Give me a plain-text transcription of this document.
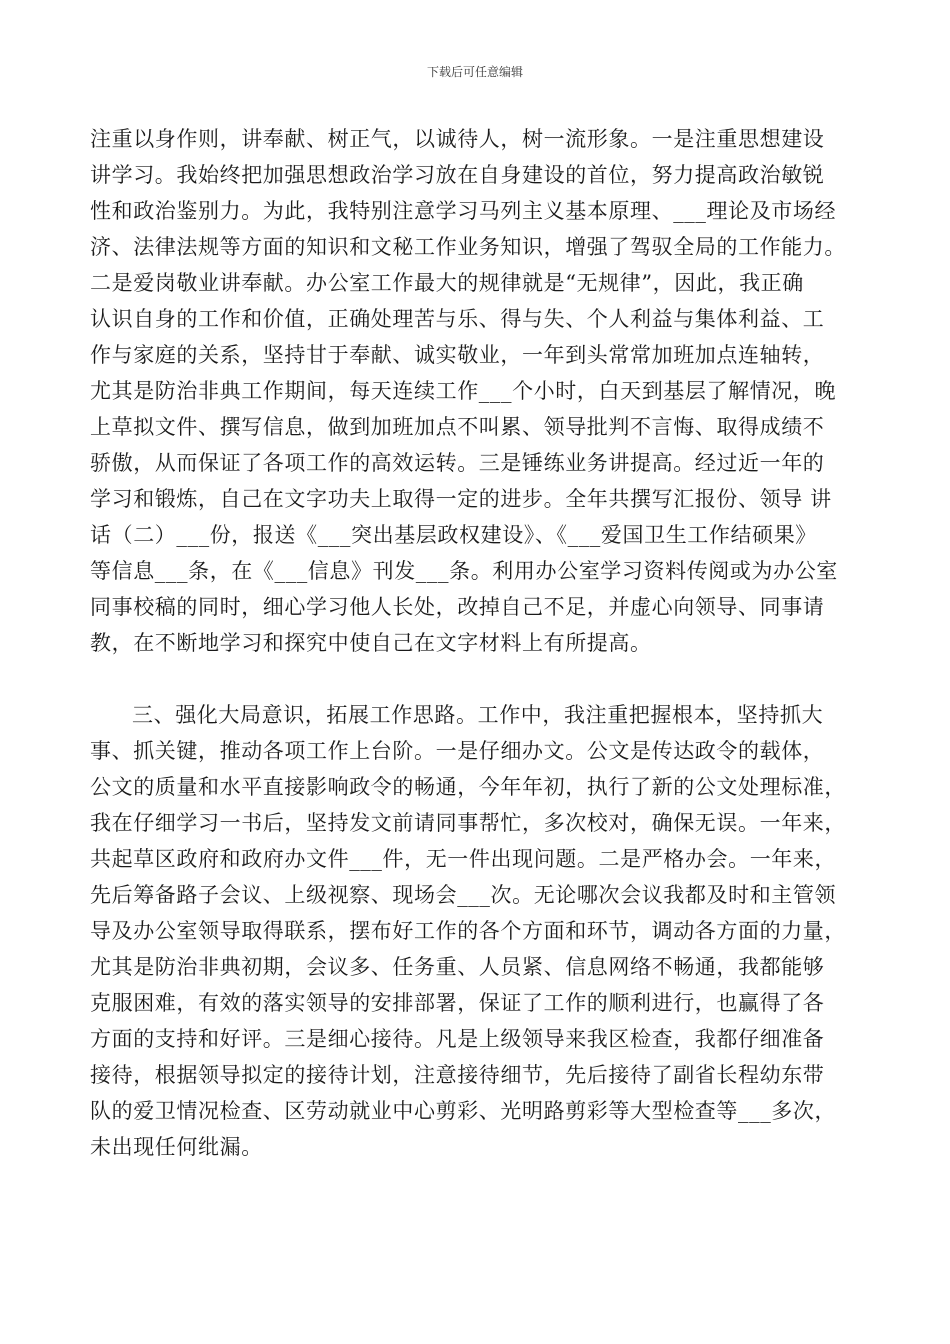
下载后可任意编辑
注重以身作则，讲奉献、树正气，以诚待人，树一流形象。一是注重思想建设
讲学习。我始终把加强思想政治学习放在自身建设的首位，努力提高政治敏锐
性和政治鉴别力。为此，我特别注意学习马列主义基本原理、___理论及市场经
济、法律法规等方面的知识和文秘工作业务知识，增强了驾驭全局的工作能力。
二是爱岗敬业讲奉献。办公室工作最大的规律就是“无规律”，因此，我正确
认识自身的工作和价值，正确处理苦与乐、得与失、个人利益与集体利益、工
作与家庭的关系，坚持甘于奉献、诚实敬业，一年到头常常加班加点连轴转，
尤其是防治非典工作期间，每天连续工作___个小时，白天到基层了解情况，晚
上草拟文件、撰写信息，做到加班加点不叫累、领导批判不言悔、取得成绩不
骄傲，从而保证了各项工作的高效运转。三是锤练业务讲提高。经过近一年的
学习和锻炼，自己在文字功夫上取得一定的进步。全年共撰写汇报份、领导 讲
话（二）___份，报送《___突出基层政权建设》、《___爱国卫生工作结硕果》
等信息___条，在《___信息》刊发___条。利用办公室学习资料传阅或为办公室
同事校稿的同时，细心学习他人长处，改掉自己不足，并虚心向领导、同事请
教，在不断地学习和探究中使自己在文字材料上有所提高。
三、强化大局意识，拓展工作思路。工作中，我注重把握根本，坚持抓大
事、抓关键，推动各项工作上台阶。一是仔细办文。公文是传达政令的载体，
公文的质量和水平直接影响政令的畅通，今年年初，执行了新的公文处理标准，
我在仔细学习一书后，坚持发文前请同事帮忙，多次校对，确保无误。一年来，
共起草区政府和政府办文件___件，无一件出现问题。二是严格办会。一年来，
先后筹备路子会议、上级视察、现场会___次。无论哪次会议我都及时和主管领
导及办公室领导取得联系，摆布好工作的各个方面和环节，调动各方面的力量，
尤其是防治非典初期，会议多、任务重、人员紧、信息网络不畅通，我都能够
克服困难，有效的落实领导的安排部署，保证了工作的顺利进行，也赢得了各
方面的支持和好评。三是细心接待。凡是上级领导来我区检查，我都仔细准备
接待，根据领导拟定的接待计划，注意接待细节，先后接待了副省长程幼东带
队的爱卫情况检查、区劳动就业中心剪彩、光明路剪彩等大型检查等___多次，
未出现任何纰漏。
